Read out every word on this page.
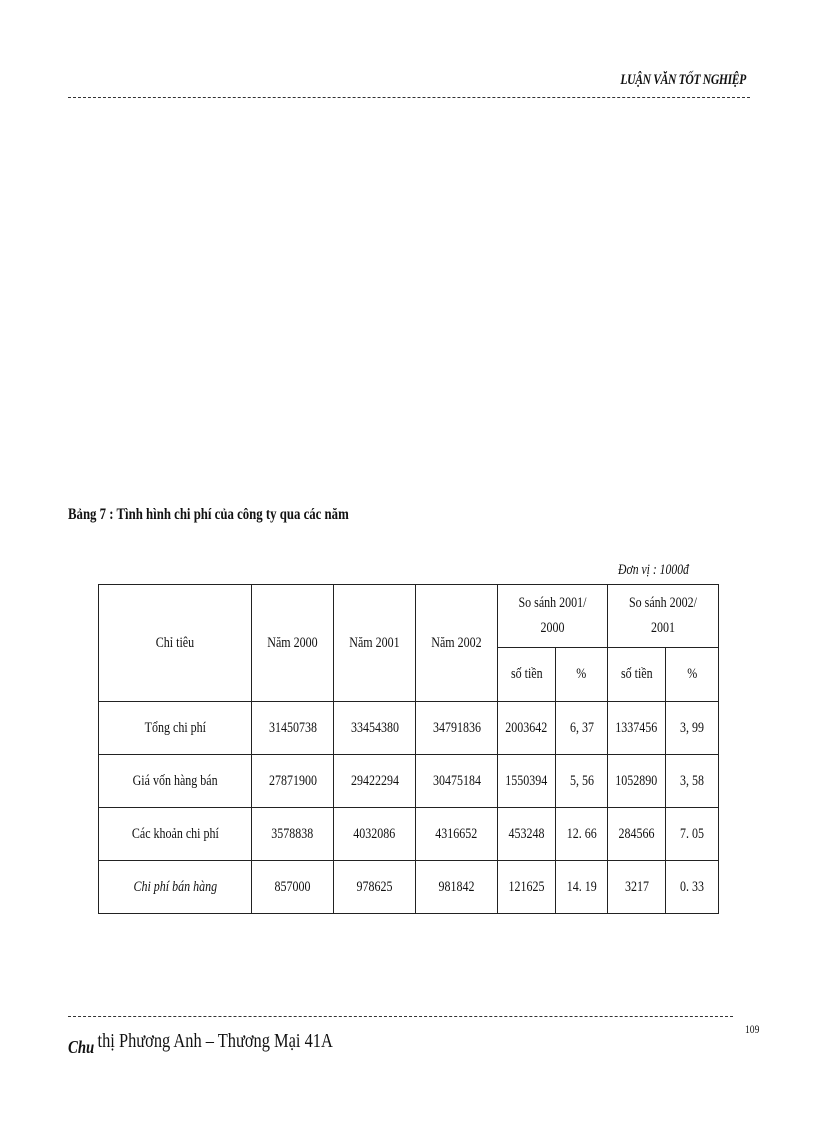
LUẬN VĂN TỐT NGHIỆP
Bảng 7 : Tình hình chi phí của công ty qua các năm
Đơn vị : 1000đ
Chỉ tiêu	Năm 2000	Năm 2001	Năm 2002	So sánh 2001/ 2000		So sánh 2002/ 2001	
				số tiền	%	số tiền	%
Tổng chi phí	31450738	33454380	34791836	2003642	6, 37	1337456	3, 99
Giá vốn hàng bán	27871900	29422294	30475184	1550394	5, 56	1052890	3, 58
Các khoản chi phí	3578838	4032086	4316652	453248	12. 66	284566	7. 05
Chi phí bán hàng	857000	978625	981842	121625	14. 19	3217	0. 33
Chu thị Phương Anh – Thương Mại 41A
109
